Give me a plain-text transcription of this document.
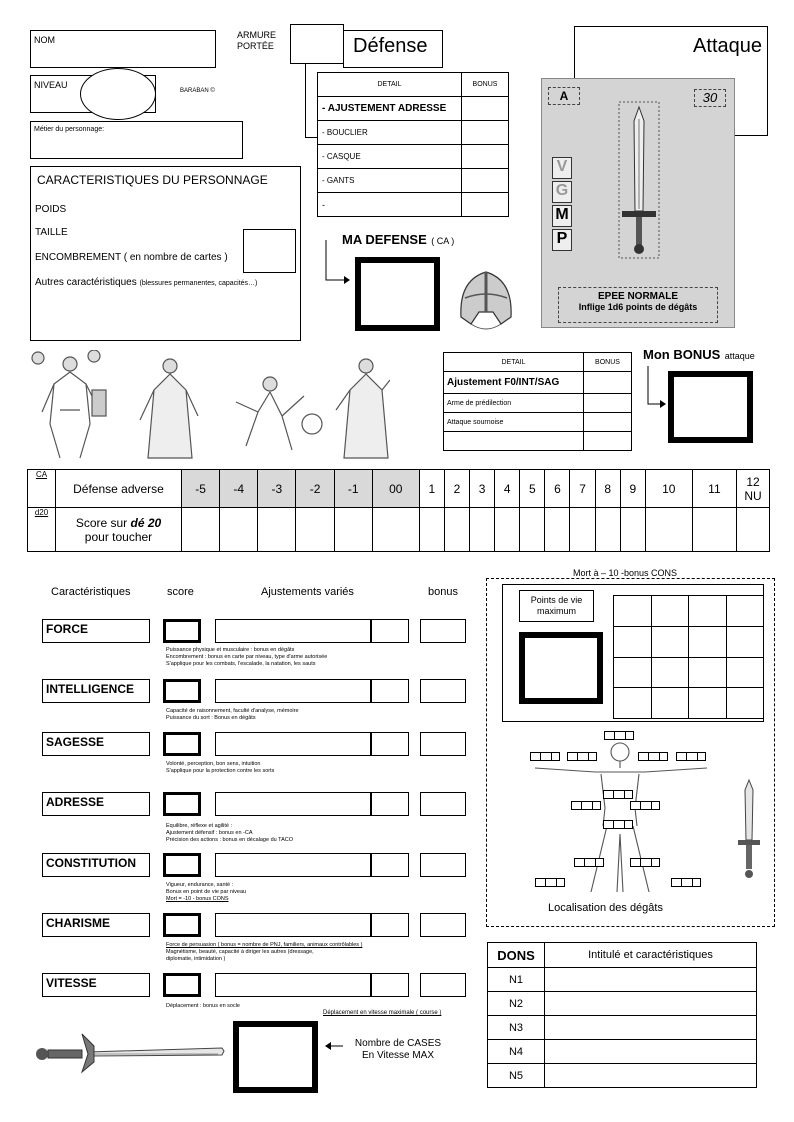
NOM
NIVEAU
BARABAN ©
Métier du personnage:
CARACTERISTIQUES DU PERSONNAGE
POIDS
TAILLE
ENCOMBREMENT ( en nombre de cartes )
Autres caractéristiques (blessures permanentes, capacités…)
ARMURE
PORTÉE	Défense
DETAIL	BONUS
- AJUSTEMENT ADRESSE	
- BOUCLIER	
- CASQUE	
- GANTS	
-	
MA DEFENSE ( CA )
Attaque
A	30
V
G
M
P
EPEE NORMALE
Inflige 1d6 points de dégâts
DETAIL	BONUS
Ajustement F0/INT/SAG	
Arme de prédilection	
Attaque sournoise	

Mon BONUS attaque
CA	Défense adverse	-5	-4	-3	-2	-1	00	1	2	3	4	5	6	7	8	9	10	11	12 NU
d20	Score sur dé 20
pour toucher																		
Caractéristiques	score	Ajustements variés	bonus
FORCE
Puissance physique et musculaire : bonus en dégâts
Encombrement : bonus en carte par niveau, type d'arme autorisée
S'applique pour les combats, l'escalade, la natation, les sauts
INTELLIGENCE
Capacité de raisonnement, faculté d'analyse, mémoire
Puissance du sort : Bonus en dégâts
SAGESSE
Volonté, perception, bon sens, intuition
S'applique pour la protection contre les sorts
ADRESSE
Equilibre, réflexe et agilité :
Ajustement défensif : bonus en -CA
Précision des actions : bonus en décalage du TACO
CONSTITUTION
Vigueur, endurance, santé :
Bonus en point de vie par niveau
Mort = -10 - bonus CONS
CHARISME
Force de persuasion ( bonus = nombre de PNJ, familiers, animaux contrôlables )
Magnétisme, beauté, capacité à diriger les autres (dressage,
diplomatie, intimidation )
VITESSE
Déplacement : bonus en socle
Déplacement en vitesse maximale ( course )
Nombre de CASES
En Vitesse MAX
Mort à – 10 -bonus CONS
Points de vie
maximum

Localisation des dégâts
DONS	Intitulé et caractéristiques
N1	
N2	
N3	
N4	
N5	
